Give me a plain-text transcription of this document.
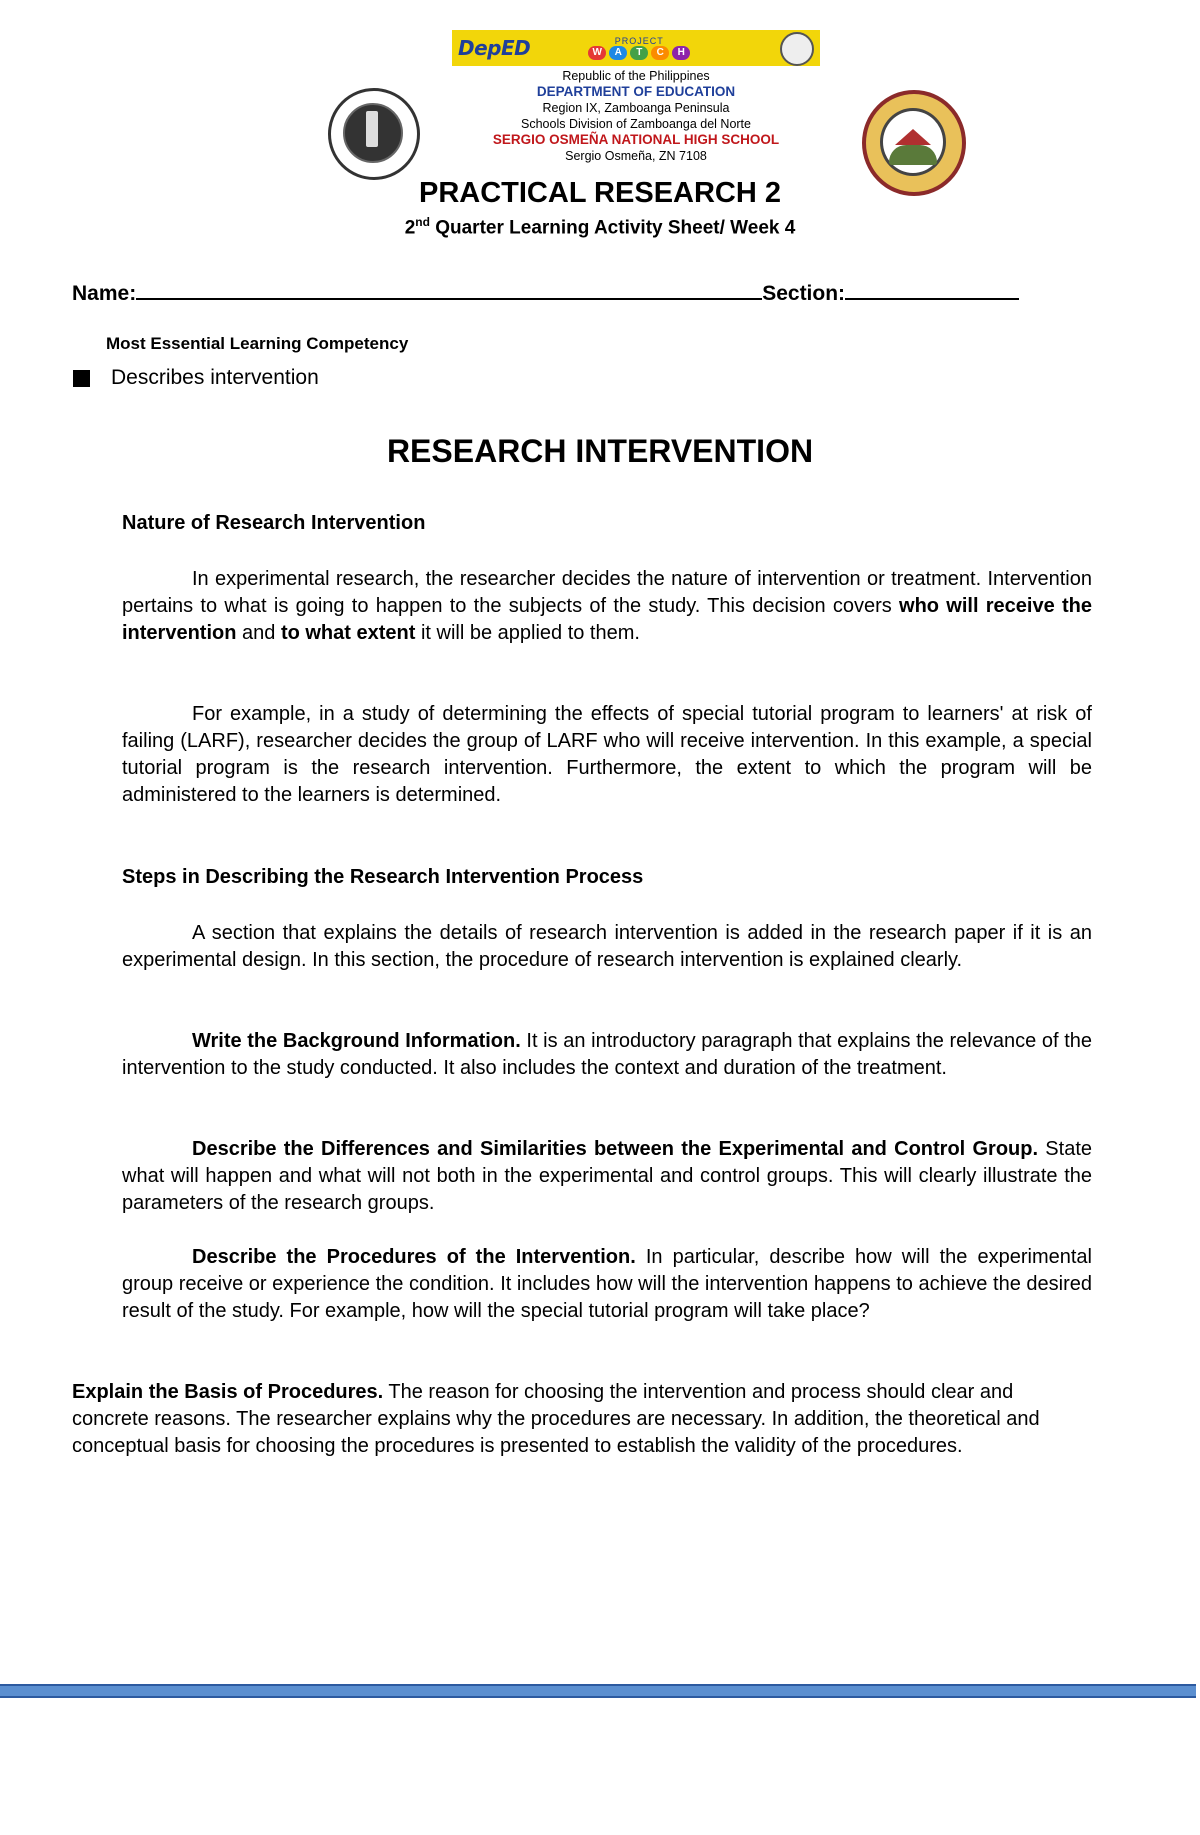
DepED	PROJECT
W	A	T	C	H
Republic of the Philippines
DEPARTMENT OF EDUCATION
Region IX, Zamboanga Peninsula
Schools Division of Zamboanga del Norte
SERGIO OSMEÑA NATIONAL HIGH SCHOOL
Sergio Osmeña, ZN 7108
PRACTICAL RESEARCH 2
2nd Quarter Learning Activity Sheet/ Week 4
Name:	Section:
Most Essential Learning Competency
Describes intervention
RESEARCH INTERVENTION
Nature of Research Intervention
In experimental research, the researcher decides the nature of intervention or treatment. Intervention pertains to what is going to happen to the subjects of the study. This decision covers who will receive the intervention and to what extent it will be applied to them.
For example, in a study of determining the effects of special tutorial program to learners' at risk of failing (LARF), researcher decides the group of LARF who will receive intervention. In this example, a special tutorial program is the research intervention. Furthermore, the extent to which the program will be administered to the learners is determined.
Steps in Describing the Research Intervention Process
A section that explains the details of research intervention is added in the research paper if it is an experimental design. In this section, the procedure of research intervention is explained clearly.
Write the Background Information. It is an introductory paragraph that explains the relevance of the intervention to the study conducted. It also includes the context and duration of the treatment.
Describe the Differences and Similarities between the Experimental and Control Group. State what will happen and what will not both in the experimental and control groups. This will clearly illustrate the parameters of the research groups.
Describe the Procedures of the Intervention. In particular, describe how will the experimental group receive or experience the condition. It includes how will the intervention happens to achieve the desired result of the study. For example, how will the special tutorial program will take place?
Explain the Basis of Procedures. The reason for choosing the intervention and process should clear and concrete reasons. The researcher explains why the procedures are necessary. In addition, the theoretical and conceptual basis for choosing the procedures is presented to establish the validity of the procedures.
